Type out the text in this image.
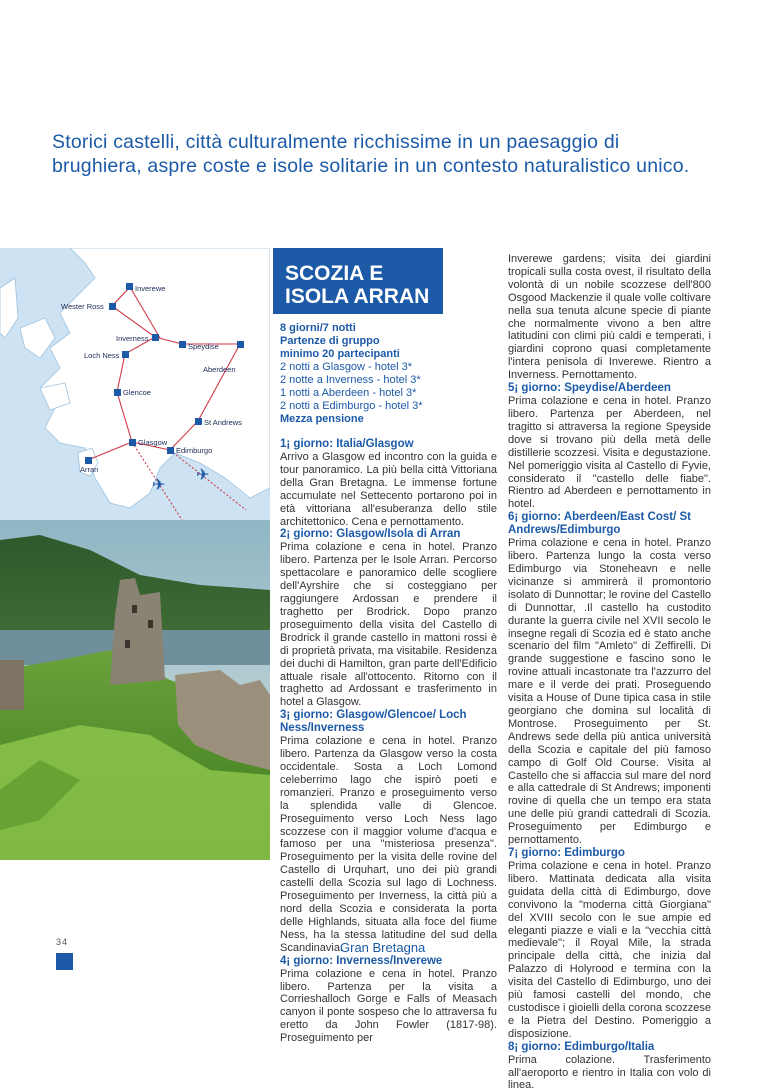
Storici castelli, città culturalmente ricchissime in un paesaggio di
brughiera, aspre coste e isole solitarie in un contesto naturalistico unico.
✈
✈
Inverewe
Wester Ross
Inverness
Speydise
Loch Ness
Aberdeen
Glencoe
St Andrews
Glasgow
Edimburgo
Arran
SCOZIA E
ISOLA ARRAN
8 giorni/7 notti
Partenze di gruppo
minimo 20 partecipanti
2 notti a Glasgow - hotel 3*
2 notte a Inverness - hotel 3*
1 notti a Aberdeen - hotel 3*
2 notti a Edimburgo - hotel 3*
Mezza pensione
1¡ giorno: Italia/Glasgow

Arrivo a Glasgow ed incontro con la guida e tour panoramico. La più bella città Vittoriana della Gran Bretagna. Le immense fortune accumulate nel Settecento portarono poi in età vittoriana all'esuberanza dello stile architettonico. Cena e pernottamento.

2¡ giorno: Glasgow/Isola di Arran

Prima colazione e cena in hotel. Pranzo libero. Partenza per le Isole Arran. Percorso spettacolare e panoramico delle scogliere dell'Ayrshire che si costeggiano per raggiungere Ardossan e prendere il traghetto per Brodrick. Dopo pranzo proseguimento della visita del Castello di Brodrick il grande castello in mattoni rossi è di proprietà privata, ma visitabile. Residenza dei duchi di Hamilton, gran parte dell'Edificio attuale risale all'ottocento. Ritorno con il traghetto ad Ardossant e trasferimento in hotel a Glasgow.

3¡ giorno: Glasgow/Glencoe/ Loch Ness/Inverness

Prima colazione e cena in hotel. Pranzo libero. Partenza da Glasgow verso la costa occidentale. Sosta a Loch Lomond celeberrimo lago che ispirò poeti e romanzieri. Pranzo e proseguimento verso la splendida valle di Glencoe. Proseguimento verso Loch Ness lago scozzese con il maggior volume d'acqua e famoso per una "misteriosa presenza". Proseguimento per la visita delle rovine del Castello di Urquhart, uno dei più grandi castelli della Scozia sul lago di Lochness. Proseguimento per Inverness, la città più a nord della Scozia e considerata la porta delle Highlands, situata alla foce del fiume Ness, ha la stessa latitudine del sud della Scandinavia.

4¡ giorno: Inverness/Inverewe

Prima colazione e cena in hotel. Pranzo libero. Partenza per la visita a Corrieshalloch Gorge e Falls of Measach canyon il ponte sospeso che lo attraversa fu eretto da John Fowler (1817-98). Proseguimento per

Inverewe gardens; visita dei giardini tropicali sulla costa ovest, il risultato della volontà di un nobile scozzese dell'800 Osgood Mackenzie il quale volle coltivare nella sua tenuta alcune specie di piante che normalmente vivono a ben altre latitudini con climi più caldi e temperati, i giardini coprono quasi completamente l'intera penisola di Inverewe. Rientro a Inverness. Pernottamento.

5¡ giorno: Speydise/Aberdeen

Prima colazione e cena in hotel. Pranzo libero. Partenza per Aberdeen, nel tragitto si attraversa la regione Speyside dove si trovano più della metà delle distillerie scozzesi. Visita e degustazione. Nel pomeriggio visita al Castello di Fyvie, considerato il "castello delle fiabe". Rientro ad Aberdeen e pernottamento in hotel.

6¡ giorno: Aberdeen/East Cost/ St Andrews/Edimburgo

Prima colazione e cena in hotel. Pranzo libero. Partenza lungo la costa verso Edimburgo via Stoneheavn e nelle vicinanze si ammirerà il promontorio isolato di Dunnottar; le rovine del Castello di Dunnottar, .Il castello ha custodito durante la guerra civile nel XVII secolo le insegne regali di Scozia ed è stato anche scenario del film "Amleto" di Zeffirelli. Di grande suggestione e fascino sono le rovine attuali incastonate tra l'azzurro del mare e il verde dei prati. Proseguendo visita a House of Dune tipica casa in stile georgiano che domina sul località di Montrose. Proseguimento per St. Andrews sede della più antica università della Scozia e capitale del più famoso campo di Golf Old Course. Visita al Castello che si affaccia sul mare del nord e alla cattedrale di St Andrews; imponenti rovine di quella che un tempo era stata une delle più grandi cattedrali di Scozia. Proseguimento per Edimburgo e pernottamento.

7¡ giorno: Edimburgo

Prima colazione e cena in hotel. Pranzo libero. Mattinata dedicata alla visita guidata della città di Edimburgo, dove convivono la "moderna città Giorgiana" del XVIII secolo con le sue ampie ed eleganti piazze e viali e la "vecchia città medievale"; il Royal Mile, la strada principale della città, che inizia dal Palazzo di Holyrood e termina con la visita del Castello di Edimburgo, uno dei più famosi castelli del mondo, che custodisce i gioielli della corona scozzese e la Pietra del Destino. Pomeriggio a disposizione.

8¡ giorno: Edimburgo/Italia

Prima colazione. Trasferimento all'aeroporto e rientro in Italia con volo di linea.

34	Gran Bretagna
